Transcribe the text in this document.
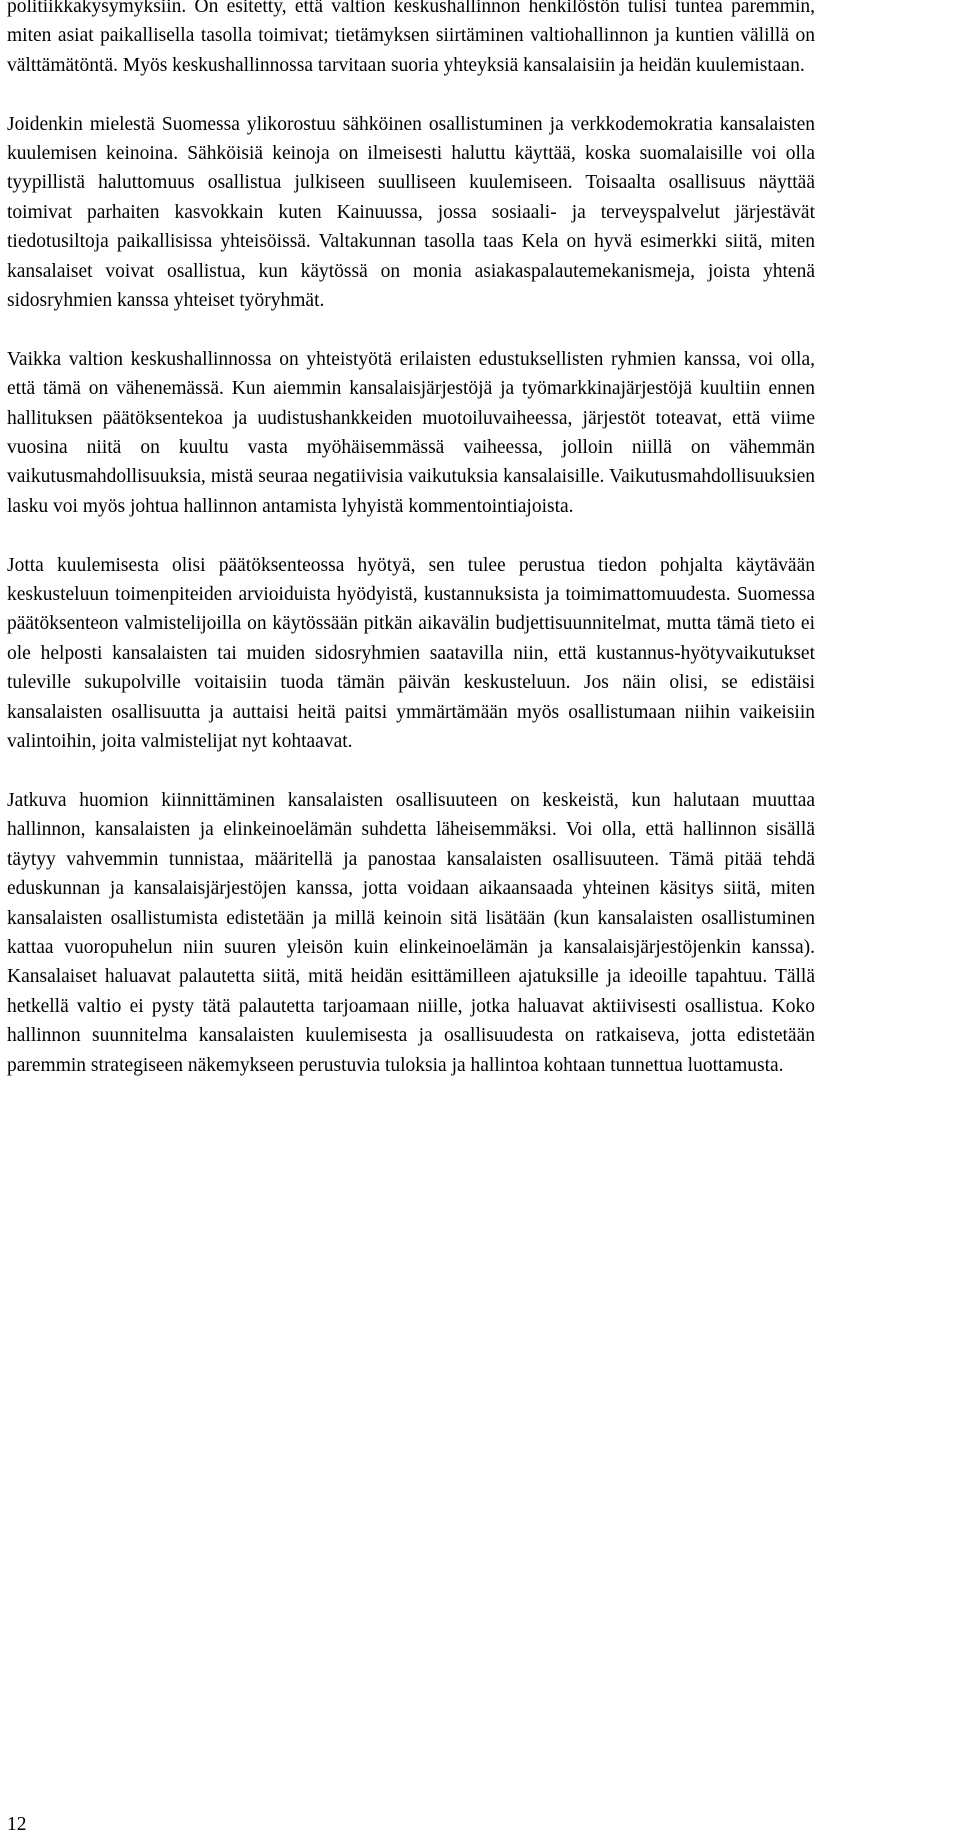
politiikkakysymyksiin. On esitetty, että valtion keskushallinnon henkilöstön tulisi tuntea paremmin, miten asiat paikallisella tasolla toimivat; tietämyksen siirtäminen valtiohallinnon ja kuntien välillä on välttämätöntä. Myös keskushallinnossa tarvitaan suoria yhteyksiä kansalaisiin ja heidän kuulemistaan.

Joidenkin mielestä Suomessa ylikorostuu sähköinen osallistuminen ja verkkodemokratia kansalaisten kuulemisen keinoina. Sähköisiä keinoja on ilmeisesti haluttu käyttää, koska suomalaisille voi olla tyypillistä haluttomuus osallistua julkiseen suulliseen kuulemiseen. Toisaalta osallisuus näyttää toimivat parhaiten kasvokkain kuten Kainuussa, jossa sosiaali- ja terveyspalvelut järjestävät tiedotusiltoja paikallisissa yhteisöissä. Valtakunnan tasolla taas Kela on hyvä esimerkki siitä, miten kansalaiset voivat osallistua, kun käytössä on monia asiakaspalautemekanismeja, joista yhtenä sidosryhmien kanssa yhteiset työryhmät.

Vaikka valtion keskushallinnossa on yhteistyötä erilaisten edustuksellisten ryhmien kanssa, voi olla, että tämä on vähenemässä. Kun aiemmin kansalaisjärjestöjä ja työmarkkinajärjestöjä kuultiin ennen hallituksen päätöksentekoa ja uudistushankkeiden muotoiluvaiheessa, järjestöt toteavat, että viime vuosina niitä on kuultu vasta myöhäisemmässä vaiheessa, jolloin niillä on vähemmän vaikutusmahdollisuuksia, mistä seuraa negatiivisia vaikutuksia kansalaisille. Vaikutusmahdollisuuksien lasku voi myös johtua hallinnon antamista lyhyistä kommentointiajoista.

Jotta kuulemisesta olisi päätöksenteossa hyötyä, sen tulee perustua tiedon pohjalta käytävään keskusteluun toimenpiteiden arvioiduista hyödyistä, kustannuksista ja toimimattomuudesta. Suomessa päätöksenteon valmistelijoilla on käytössään pitkän aikavälin budjettisuunnitelmat, mutta tämä tieto ei ole helposti kansalaisten tai muiden sidosryhmien saatavilla niin, että kustannus-hyötyvaikutukset tuleville sukupolville voitaisiin tuoda tämän päivän keskusteluun. Jos näin olisi, se edistäisi kansalaisten osallisuutta ja auttaisi heitä paitsi ymmärtämään myös osallistumaan niihin vaikeisiin valintoihin, joita valmistelijat nyt kohtaavat.

Jatkuva huomion kiinnittäminen kansalaisten osallisuuteen on keskeistä, kun halutaan muuttaa hallinnon, kansalaisten ja elinkeinoelämän suhdetta läheisemmäksi. Voi olla, että hallinnon sisällä täytyy vahvemmin tunnistaa, määritellä ja panostaa kansalaisten osallisuuteen. Tämä pitää tehdä eduskunnan ja kansalaisjärjestöjen kanssa, jotta voidaan aikaansaada yhteinen käsitys siitä, miten kansalaisten osallistumista edistetään ja millä keinoin sitä lisätään (kun kansalaisten osallistuminen kattaa vuoropuhelun niin suuren yleisön kuin elinkeinoelämän ja kansalaisjärjestöjenkin kanssa). Kansalaiset haluavat palautetta siitä, mitä heidän esittämilleen ajatuksille ja ideoille tapahtuu. Tällä hetkellä valtio ei pysty tätä palautetta tarjoamaan niille, jotka haluavat aktiivisesti osallistua. Koko hallinnon suunnitelma kansalaisten kuulemisesta ja osallisuudesta on ratkaiseva, jotta edistetään paremmin strategiseen näkemykseen perustuvia tuloksia ja hallintoa kohtaan tunnettua luottamusta.

12
